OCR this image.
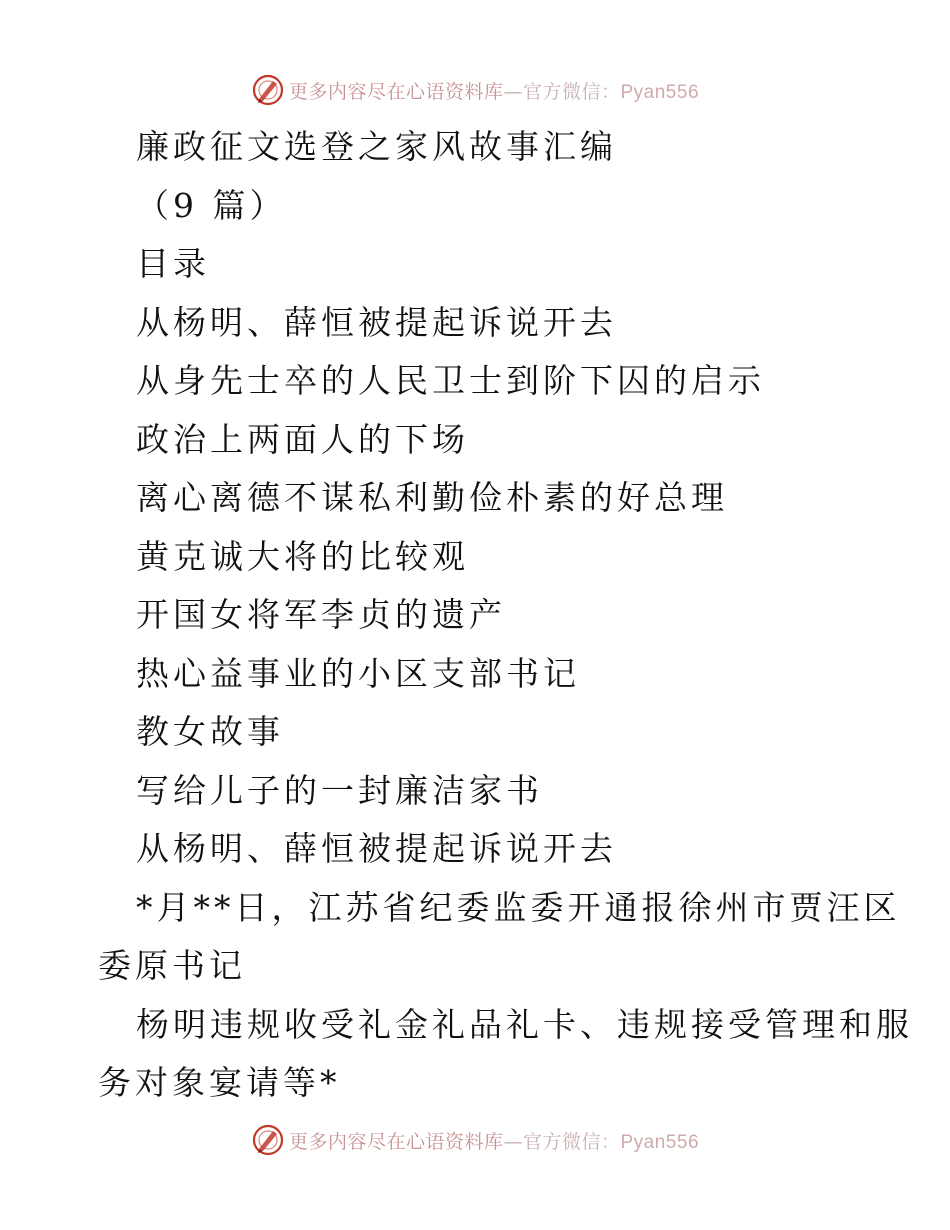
更多内容尽在心语资料库—官方微信：Pyan556
廉政征文选登之家风故事汇编
（9 篇）
目录
从杨明、薛恒被提起诉说开去
从身先士卒的人民卫士到阶下囚的启示
政治上两面人的下场
离心离德不谋私利勤俭朴素的好总理
黄克诚大将的比较观
开国女将军李贞的遗产
热心益事业的小区支部书记
教女故事
写给儿子的一封廉洁家书
从杨明、薛恒被提起诉说开去
*月**日，江苏省纪委监委开通报徐州市贾汪区
委原书记
杨明违规收受礼金礼品礼卡、违规接受管理和服
务对象宴请等*
更多内容尽在心语资料库—官方微信：Pyan556
